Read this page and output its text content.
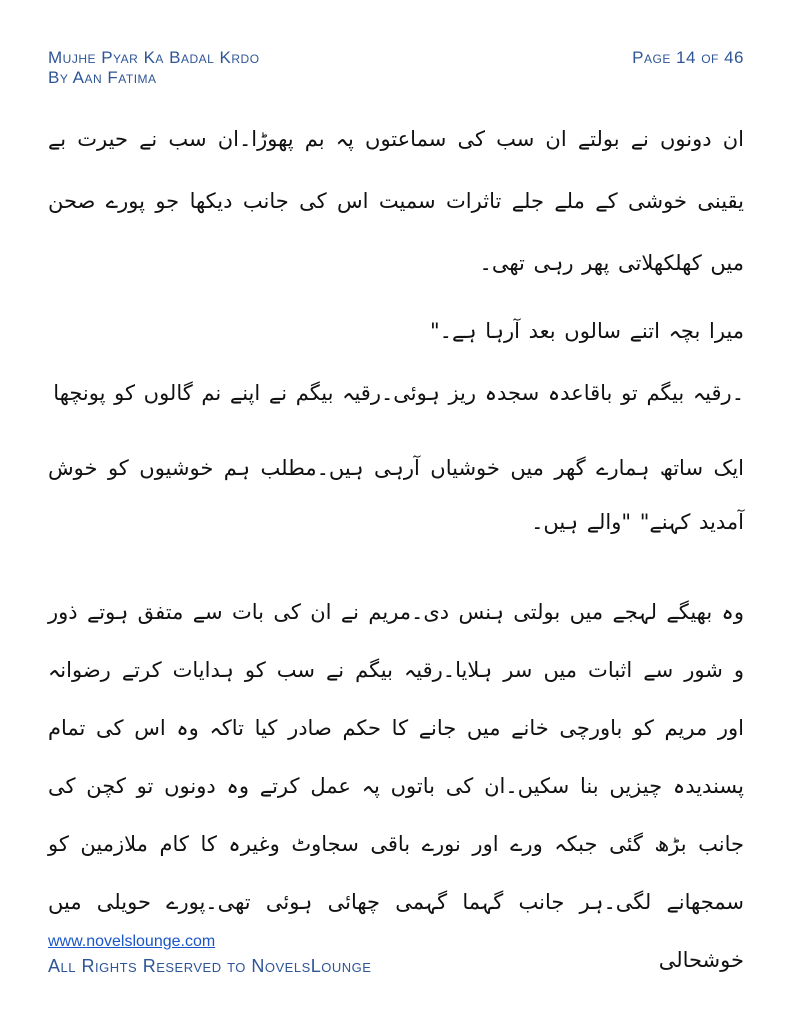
Mujhe Pyar Ka Badal Krdo
By Aan Fatima
Page 14 of 46

ان دونوں نے بولتے ان سب کی سماعتوں پہ بم پھوڑا۔ان سب نے حیرت بے یقینی خوشی کے ملے جلے تاثرات سمیت اس کی جانب دیکھا جو پورے صحن میں کھلکھلاتی پھر رہی تھی۔

میرا بچہ اتنے سالوں بعد آرہا ہے۔"

۔رقیہ بیگم تو باقاعدہ سجدہ ریز ہوئی۔رقیہ بیگم نے اپنے نم گالوں کو پونچھا

ایک ساتھ ہمارے گھر میں خوشیاں آرہی ہیں۔مطلب ہم خوشیوں کو خوش آمدید کہنے" "والے ہیں۔

وہ بھیگے لہجے میں بولتی ہنس دی۔مریم نے ان کی بات سے متفق ہوتے ذور و شور سے اثبات میں سر ہلایا۔رقیہ بیگم نے سب کو ہدایات کرتے رضوانہ اور مریم کو باورچی خانے میں جانے کا حکم صادر کیا تاکہ وہ اس کی تمام پسندیدہ چیزیں بنا سکیں۔ان کی باتوں پہ عمل کرتے وہ دونوں تو کچن کی جانب بڑھ گئی جبکہ ورے اور نورے باقی سجاوٹ وغیرہ کا کام ملازمین کو سمجھانے لگی۔ہر جانب گہما گہمی چھائی ہوئی تھی۔پورے حویلی میں خوشحالی

www.novelslounge.com
All Rights Reserved to NovelsLounge
